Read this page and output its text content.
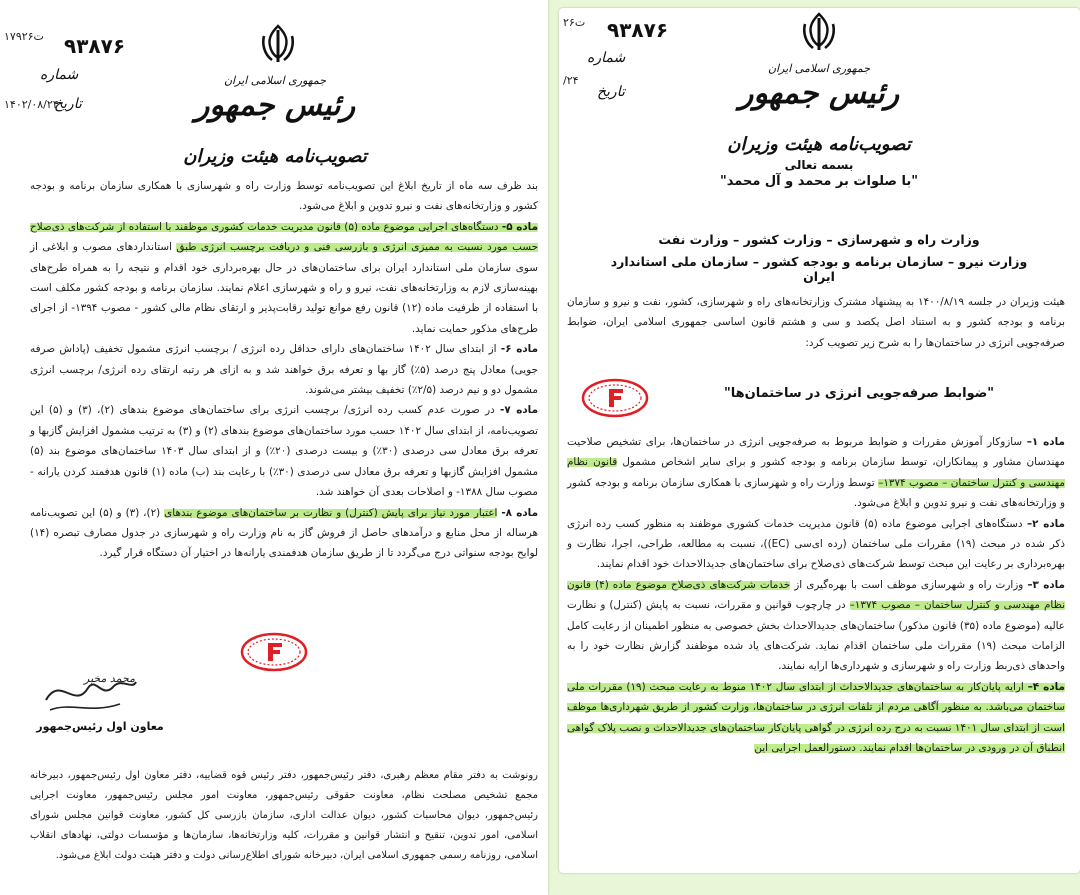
۹۳۸۷۶
۱۷۹۲۶ت
شماره
تاریخ
۱۴۰۲/۰۸/۲۴
جمهوری اسلامی ایران
رئیس جمهور
تصویب‌نامه هیئت وزیران

بند ظرف سه ماه از تاریخ ابلاغ این تصویب‌نامه توسط وزارت راه و شهرسازی با همکاری سازمان برنامه و بودجه کشور و وزارتخانه‌های نفت و نیرو تدوین و ابلاغ می‌شود.

ماده ۵- دستگاه‌های اجرایی موضوع ماده (۵) قانون مدیریت خدمات کشوری موظفند با استفاده از شرکت‌های ذی‌صلاح حسب مورد نسبت به ممیزی انرژی و بازرسی فنی و دریافت برچسب انرژی طبق استانداردهای مصوب و ابلاغی از سوی سازمان ملی استاندارد ایران برای ساختمان‌های در حال بهره‌برداری خود اقدام و نتیجه را به همراه طرح‌های بهینه‌سازی لازم به وزارتخانه‌های نفت، نیرو و راه و شهرسازی اعلام نمایند. سازمان برنامه و بودجه کشور مکلف است با استفاده از ظرفیت ماده (۱۲) قانون رفع موانع تولید رقابت‌پذیر و ارتقای نظام مالی کشور - مصوب ۱۳۹۴- از اجرای طرح‌های مذکور حمایت نماید.

ماده ۶- از ابتدای سال ۱۴۰۲ ساختمان‌های دارای حداقل رده انرژی / برچسب انرژی مشمول تخفیف (پاداش صرفه جویی) معادل پنج درصد (۵٪) گاز بها و تعرفه برق خواهند شد و به ازای هر رتبه ارتقای رده انرژی/ برچسب انرژی مشمول دو و نیم درصد (۲/۵٪) تخفیف بیشتر می‌شوند.

ماده ۷- در صورت عدم کسب رده انرژی/ برچسب انرژی برای ساختمان‌های موضوع بندهای (۲)، (۳) و (۵) این تصویب‌نامه، از ابتدای سال ۱۴۰۲ حسب مورد ساختمان‌های موضوع بندهای (۲) و (۳) به ترتیب مشمول افزایش گازبها و تعرفه برق معادل سی درصدی (۳۰٪) و بیست درصدی (۲۰٪) و از ابتدای سال ۱۴۰۳ ساختمان‌های موضوع بند (۵) مشمول افزایش گازبها و تعرفه برق معادل سی درصدی (۳۰٪) با رعایت بند (ب) ماده (۱) قانون هدفمند کردن یارانه - مصوب سال ۱۳۸۸- و اصلاحات بعدی آن خواهند شد.

ماده ۸- اعتبار مورد نیاز برای پایش (کنترل) و نظارت بر ساختمان‌های موضوع بندهای (۲)، (۳) و (۵) این تصویب‌نامه هرساله از محل منابع و درآمدهای حاصل از فروش گاز به نام وزارت راه و شهرسازی در جدول مصارف تبصره (۱۴) لوایح بودجه سنواتی درج می‌گردد تا از طریق سازمان هدفمندی یارانه‌ها در اختیار آن دستگاه قرار گیرد.

محمد مخبر
معاون اول رئیس‌جمهور
رونوشت به دفتر مقام معظم رهبری، دفتر رئیس‌جمهور، دفتر رئیس قوه قضاییه، دفتر معاون اول رئیس‌جمهور، دبیرخانه مجمع تشخیص مصلحت نظام، معاونت حقوقی رئیس‌جمهور، معاونت امور مجلس رئیس‌جمهور، معاونت اجرایی رئیس‌جمهور، دیوان محاسبات کشور، دیوان عدالت اداری، سازمان بازرسی کل کشور، معاونت قوانین مجلس شورای اسلامی، امور تدوین، تنقیح و انتشار قوانین و مقررات، کلیه وزارتخانه‌ها، سازمان‌ها و مؤسسات دولتی، نهادهای انقلاب اسلامی، روزنامه رسمی جمهوری اسلامی ایران، دبیرخانه شورای اطلاع‌رسانی دولت و دفتر هیئت دولت ابلاغ می‌شود.
۹۳۸۷۶
۲۶ت
شماره
تاریخ
/۲۴
جمهوری اسلامی ایران
رئیس جمهور
تصویب‌نامه هیئت وزیران
بسمه تعالی
"با صلوات بر محمد و آل محمد"
وزارت راه و شهرسازی – وزارت کشور – وزارت نفت
وزارت نیرو – سازمان برنامه و بودجه کشور – سازمان ملی استاندارد ایران
هیئت وزیران در جلسه ۱۴۰۰/۸/۱۹ به پیشنهاد مشترک وزارتخانه‌های راه و شهرسازی، کشور، نفت و نیرو و سازمان برنامه و بودجه کشور و به استناد اصل یکصد و سی و هشتم قانون اساسی جمهوری اسلامی ایران، ضوابط صرفه‌جویی انرژی در ساختمان‌ها را به شرح زیر تصویب کرد:
"ضوابط صرفه‌جویی انرژی در ساختمان‌ها"

ماده ۱– سازوکار آموزش مقررات و ضوابط مربوط به صرفه‌جویی انرژی در ساختمان‌ها، برای تشخیص صلاحیت مهندسان مشاور و پیمانکاران، توسط سازمان برنامه و بودجه کشور و برای سایر اشخاص مشمول قانون نظام مهندسی و کنترل ساختمان – مصوب ۱۳۷۴– توسط وزارت راه و شهرسازی با همکاری سازمان برنامه و بودجه کشور و وزارتخانه‌های نفت و نیرو تدوین و ابلاغ می‌شود.

ماده ۲– دستگاه‌های اجرایی موضوع ماده (۵) قانون مدیریت خدمات کشوری موظفند به منظور کسب رده انرژی ذکر شده در مبحث (۱۹) مقررات ملی ساختمان (رده ای‌سی (EC))، نسبت به مطالعه، طراحی، اجرا، نظارت و بهره‌برداری بر رعایت این مبحث توسط شرکت‌های ذی‌صلاح برای ساختمان‌های جدیدالاحداث خود اقدام نمایند.

ماده ۳– وزارت راه و شهرسازی موظف است با بهره‌گیری از خدمات شرکت‌های ذی‌صلاح موضوع ماده (۴) قانون نظام مهندسی و کنترل ساختمان – مصوب ۱۳۷۴– در چارچوب قوانین و مقررات، نسبت به پایش (کنترل) و نظارت عالیه (موضوع ماده (۳۵) قانون مذکور) ساختمان‌های جدیدالاحداث بخش خصوصی به منظور اطمینان از رعایت کامل الزامات مبحث (۱۹) مقررات ملی ساختمان اقدام نماید. شرکت‌های یاد شده موظفند گزارش نظارت خود را به واحدهای ذی‌ربط وزارت راه و شهرسازی و شهرداری‌ها ارایه نمایند.

ماده ۴– ارایه پایان‌کار به ساختمان‌های جدیدالاحداث از ابتدای سال ۱۴۰۲ منوط به رعایت مبحث (۱۹) مقررات ملی ساختمان می‌باشد. به منظور آگاهی مردم از تلفات انرژی در ساختمان‌ها، وزارت کشور از طریق شهرداری‌ها موظف است از ابتدای سال ۱۴۰۱ نسبت به درج رده انرژی در گواهی پایان‌کار ساختمان‌های جدیدالاحداث و نصب پلاک گواهی انطباق آن در ورودی در ساختمان‌ها اقدام نمایند. دستورالعمل اجرایی این
